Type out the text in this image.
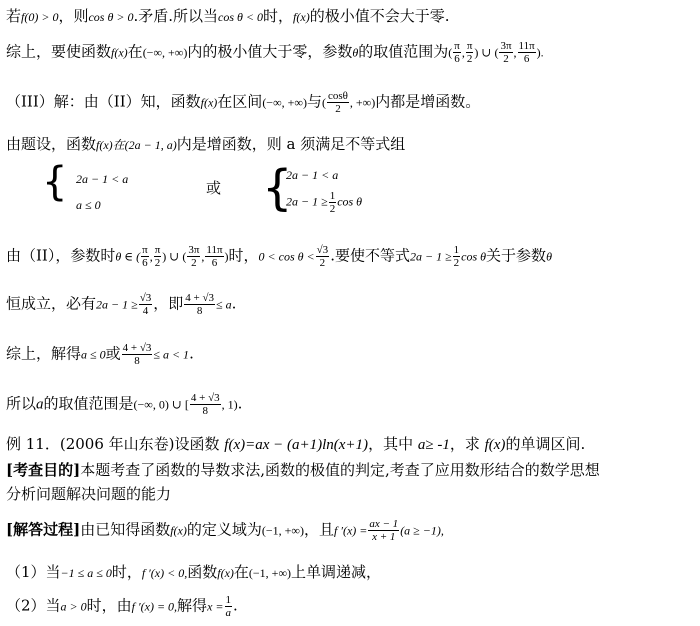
若f(0) > 0，则cos θ > 0.矛盾.所以当cos θ < 0时，f(x)的极小值不会大于零.
综上，要使函数f(x)在(−∞, +∞)内的极小值大于零，参数θ的取值范围为( $\frac{\pi}{6}$ , $\frac{\pi}{2}$ ) ∪ ( $\frac{3\pi}{2}$ , $\frac{11\pi}{6}$ ).
（III）解：由（II）知，函数f(x)在区间(−∞, +∞)与( $\frac{\cos\theta}{2}$ , +∞)内都是增函数。
由题设，函数f(x)在(2a − 1, a)内是增函数，则 a 须满足不等式组
{ 2a − 1 < a
a ≤ 0
或 {
2a − 1 < a
$2a - 1 \ge \frac{1}{2}$ cos θ
由（II），参数时θ ∈ ( $\frac{\pi}{6}$ , $\frac{\pi}{2}$ ) ∪ ( $\frac{3\pi}{2}$ , $\frac{11\pi}{6}$ )时，$0 < \cos \theta < \frac{√3}{2}$ .要使不等式$2a - 1 \ge \frac{1}{2}$ cos θ关于参数θ
恒成立，必有$2a - 1 \ge \frac{√3}{4}$ ，即 $\frac{4 + √3}{8} \le a$.
综上，解得a ≤ 0或 $\frac{4 + √3}{8} \le a < 1$.
所以a的取值范围是(−∞, 0) ∪ [ $\frac{4 + √3}{8}$ , 1).
例 11．(2006 年山东卷)设函数 f(x)=ax − (a+1)ln(x+1)，其中 a≥ -1，求 f(x)的单调区间.
[考查目的]本题考查了函数的导数求法,函数的极值的判定,考查了应用数形结合的数学思想
分析问题解决问题的能力
[解答过程]由已知得函数f(x)的定义域为(−1, +∞)，且f $'(x) = \frac{ax - 1}{x + 1} (a \ge -1)$,
（1）当−1 ≤ a ≤ 0时，f ′(x) < 0,函数f(x)在(−1, +∞)上单调递减，
（2）当a > 0时，由f ′(x) = 0,解得$x = \frac{1}{a}$ .
